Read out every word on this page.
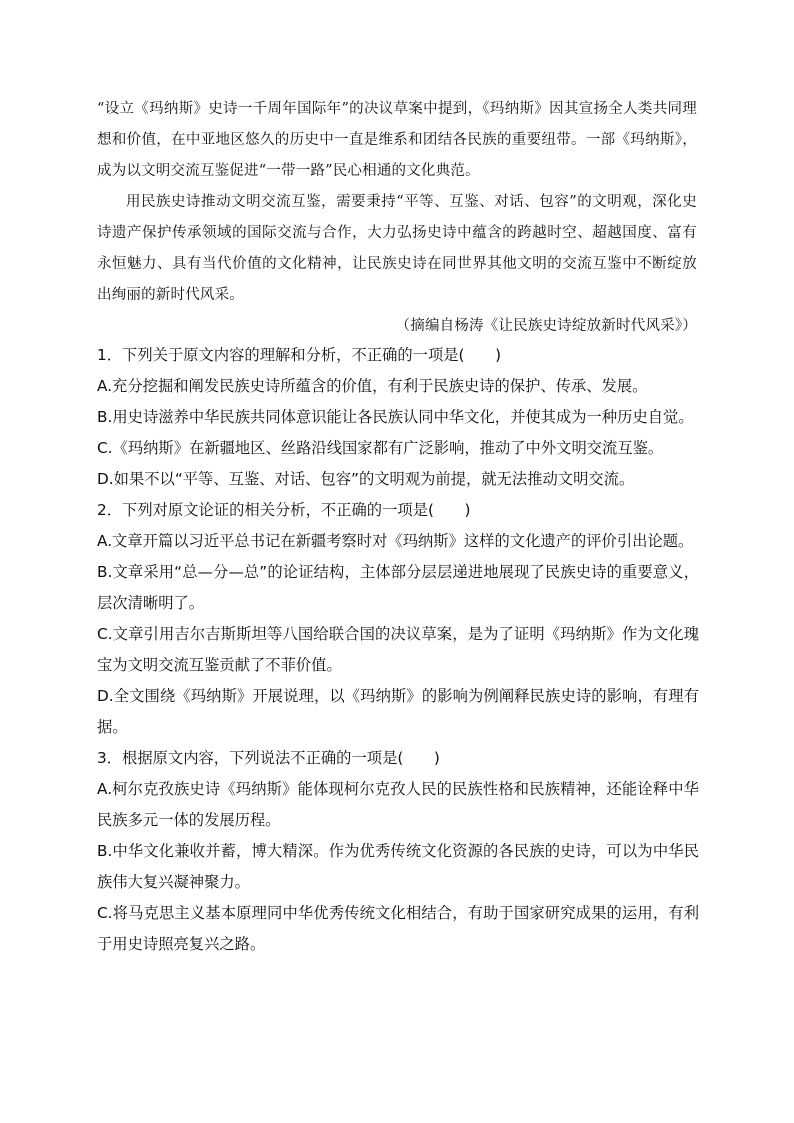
“设立《玛纳斯》史诗一千周年国际年”的决议草案中提到，《玛纳斯》因其宣扬全人类共同理想和价值，在中亚地区悠久的历史中一直是维系和团结各民族的重要纽带。一部《玛纳斯》，成为以文明交流互鉴促进“一带一路”民心相通的文化典范。

用民族史诗推动文明交流互鉴，需要秉持“平等、互鉴、对话、包容”的文明观，深化史诗遗产保护传承领域的国际交流与合作，大力弘扬史诗中蕴含的跨越时空、超越国度、富有永恒魅力、具有当代价值的文化精神，让民族史诗在同世界其他文明的交流互鉴中不断绽放出绚丽的新时代风采。

（摘编自杨涛《让民族史诗绽放新时代风采》）

1．下列关于原文内容的理解和分析，不正确的一项是(　　)

A.充分挖掘和阐发民族史诗所蕴含的价值，有利于民族史诗的保护、传承、发展。

B.用史诗滋养中华民族共同体意识能让各民族认同中华文化，并使其成为一种历史自觉。

C.《玛纳斯》在新疆地区、丝路沿线国家都有广泛影响，推动了中外文明交流互鉴。

D.如果不以“平等、互鉴、对话、包容”的文明观为前提，就无法推动文明交流。

2．下列对原文论证的相关分析，不正确的一项是(　　)

A.文章开篇以习近平总书记在新疆考察时对《玛纳斯》这样的文化遗产的评价引出论题。

B.文章采用“总—分—总”的论证结构，主体部分层层递进地展现了民族史诗的重要意义，层次清晰明了。

C.文章引用吉尔吉斯斯坦等八国给联合国的决议草案，是为了证明《玛纳斯》作为文化瑰宝为文明交流互鉴贡献了不菲价值。

D.全文围绕《玛纳斯》开展说理，以《玛纳斯》的影响为例阐释民族史诗的影响，有理有据。

3．根据原文内容，下列说法不正确的一项是(　　)

A.柯尔克孜族史诗《玛纳斯》能体现柯尔克孜人民的民族性格和民族精神，还能诠释中华民族多元一体的发展历程。

B.中华文化兼收并蓄，博大精深。作为优秀传统文化资源的各民族的史诗，可以为中华民族伟大复兴凝神聚力。

C.将马克思主义基本原理同中华优秀传统文化相结合，有助于国家研究成果的运用，有利于用史诗照亮复兴之路。
